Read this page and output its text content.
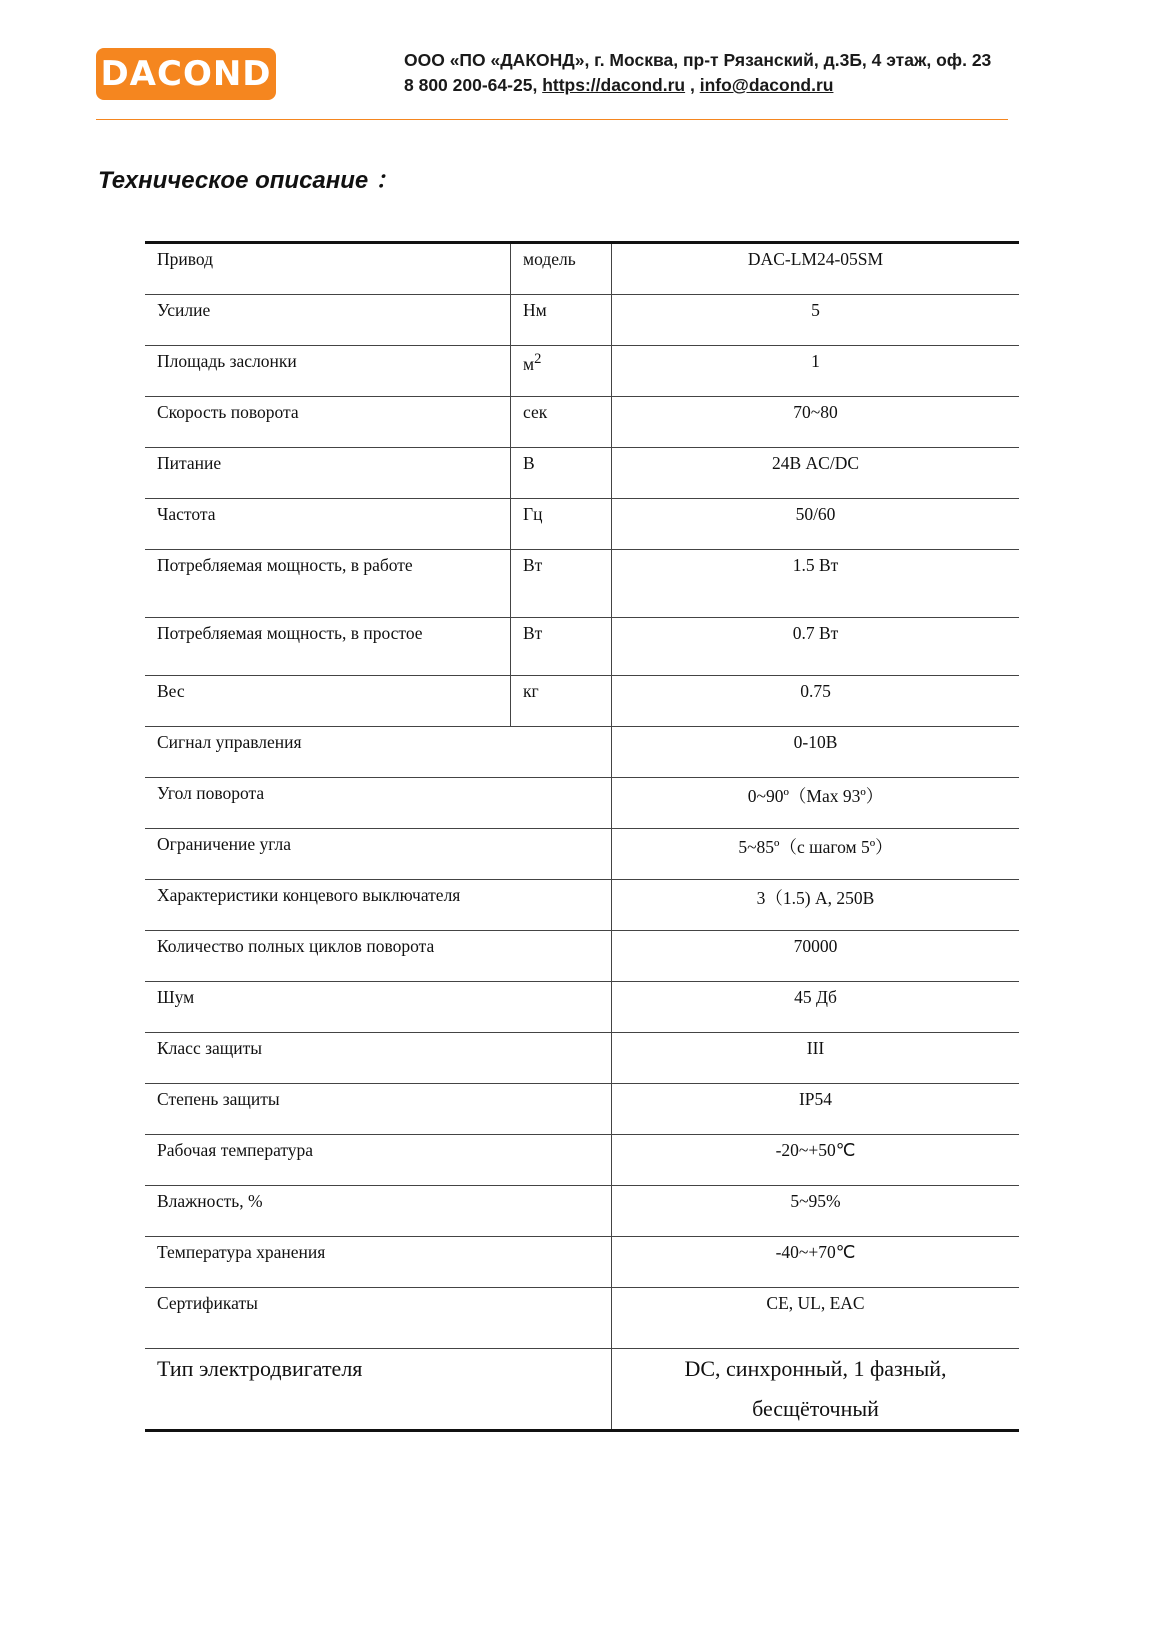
DACOND	ООО «ПО «ДАКОНД», г. Москва, пр-т Рязанский, д.3Б, 4 этаж, оф. 23
8 800 200-64-25, https://dacond.ru , info@dacond.ru
Техническое описание ：
Привод	модель	DAC-LM24-05SM
Усилие	Нм	5
Площадь заслонки	$м^2$	1
Скорость поворота	сек	70~80
Питание	В	24В AC/DC
Частота	Гц	50/60
Потребляемая мощность, в работе	Вт	1.5 Вт
Потребляемая мощность, в простое	Вт	0.7 Вт
Вес	кг	0.75
Сигнал управления		0-10В
Угол поворота		0~90º（Max 93º）
Ограничение угла		5~85º（с шагом 5º）
Характеристики концевого выключателя		3（1.5) A, 250В
Количество полных циклов поворота		70000
Шум		45 Дб
Класс защиты		III
Степень защиты		IP54
Рабочая температура		-20~+50℃
Влажность, %		5~95%
Температура хранения		-40~+70℃
Сертификаты		CE, UL, EAC
Тип электродвигателя		DC, синхронный, 1 фазный,
бесщёточный
